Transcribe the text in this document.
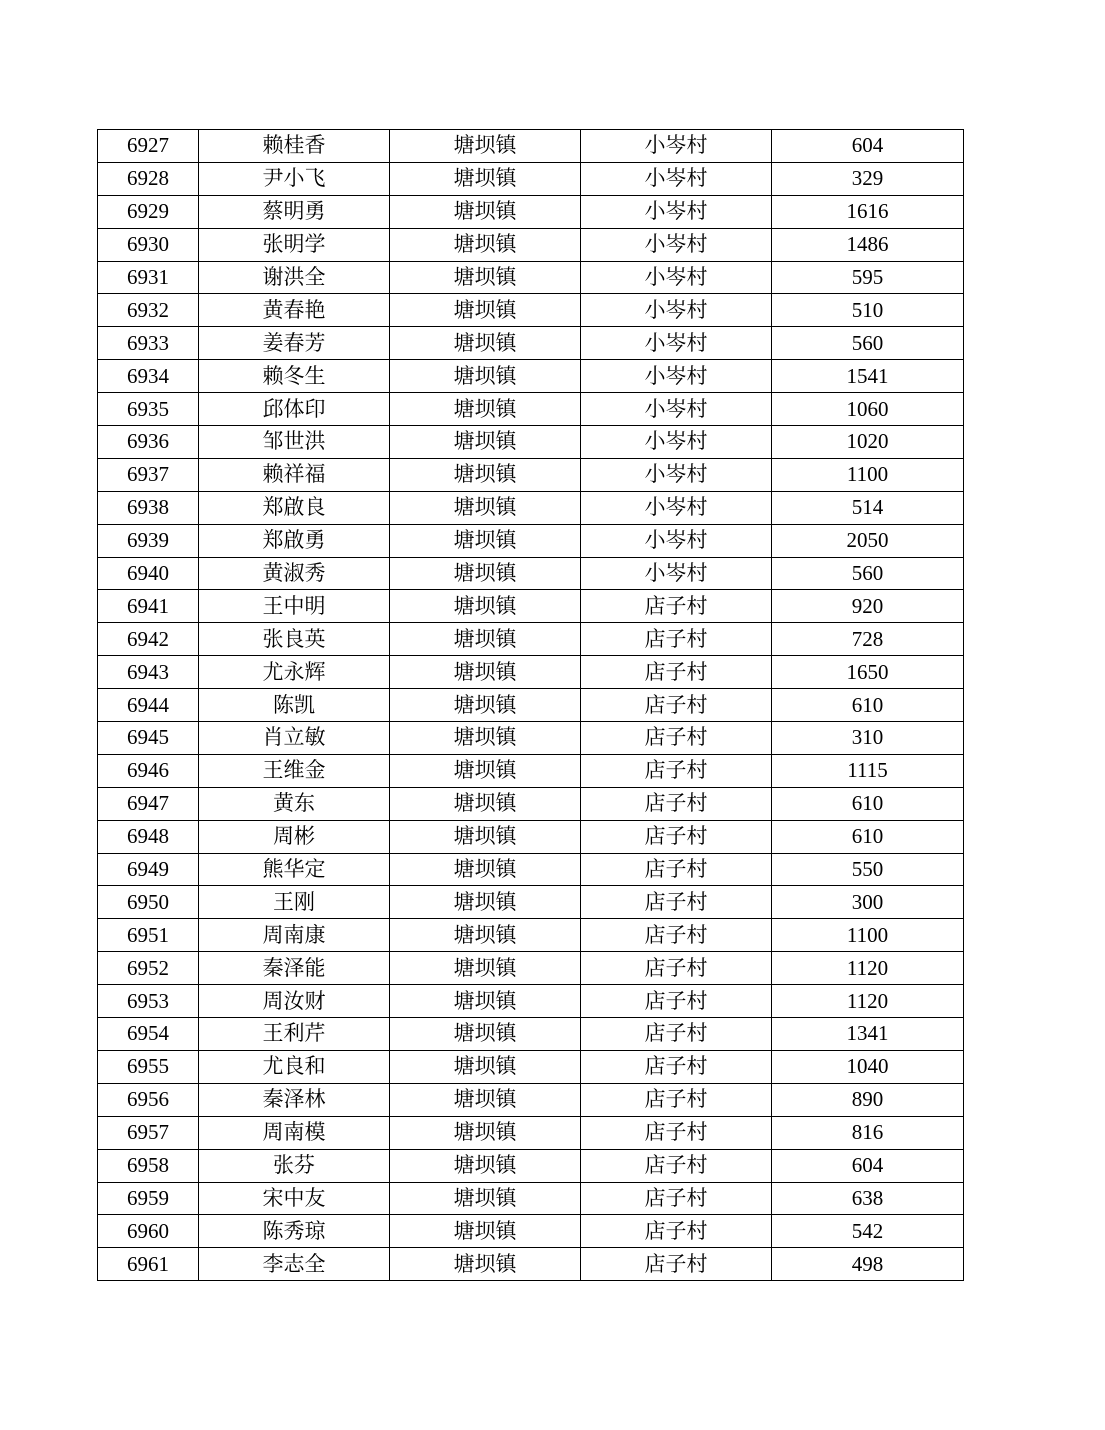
6927	赖桂香	塘坝镇	小岑村	604
6928	尹小飞	塘坝镇	小岑村	329
6929	蔡明勇	塘坝镇	小岑村	1616
6930	张明学	塘坝镇	小岑村	1486
6931	谢洪全	塘坝镇	小岑村	595
6932	黄春艳	塘坝镇	小岑村	510
6933	姜春芳	塘坝镇	小岑村	560
6934	赖冬生	塘坝镇	小岑村	1541
6935	邱体印	塘坝镇	小岑村	1060
6936	邹世洪	塘坝镇	小岑村	1020
6937	赖祥福	塘坝镇	小岑村	1100
6938	郑啟良	塘坝镇	小岑村	514
6939	郑啟勇	塘坝镇	小岑村	2050
6940	黄淑秀	塘坝镇	小岑村	560
6941	王中明	塘坝镇	店子村	920
6942	张良英	塘坝镇	店子村	728
6943	尤永辉	塘坝镇	店子村	1650
6944	陈凯	塘坝镇	店子村	610
6945	肖立敏	塘坝镇	店子村	310
6946	王维金	塘坝镇	店子村	1115
6947	黄东	塘坝镇	店子村	610
6948	周彬	塘坝镇	店子村	610
6949	熊华定	塘坝镇	店子村	550
6950	王刚	塘坝镇	店子村	300
6951	周南康	塘坝镇	店子村	1100
6952	秦泽能	塘坝镇	店子村	1120
6953	周汝财	塘坝镇	店子村	1120
6954	王利芹	塘坝镇	店子村	1341
6955	尤良和	塘坝镇	店子村	1040
6956	秦泽林	塘坝镇	店子村	890
6957	周南模	塘坝镇	店子村	816
6958	张芬	塘坝镇	店子村	604
6959	宋中友	塘坝镇	店子村	638
6960	陈秀琼	塘坝镇	店子村	542
6961	李志全	塘坝镇	店子村	498
